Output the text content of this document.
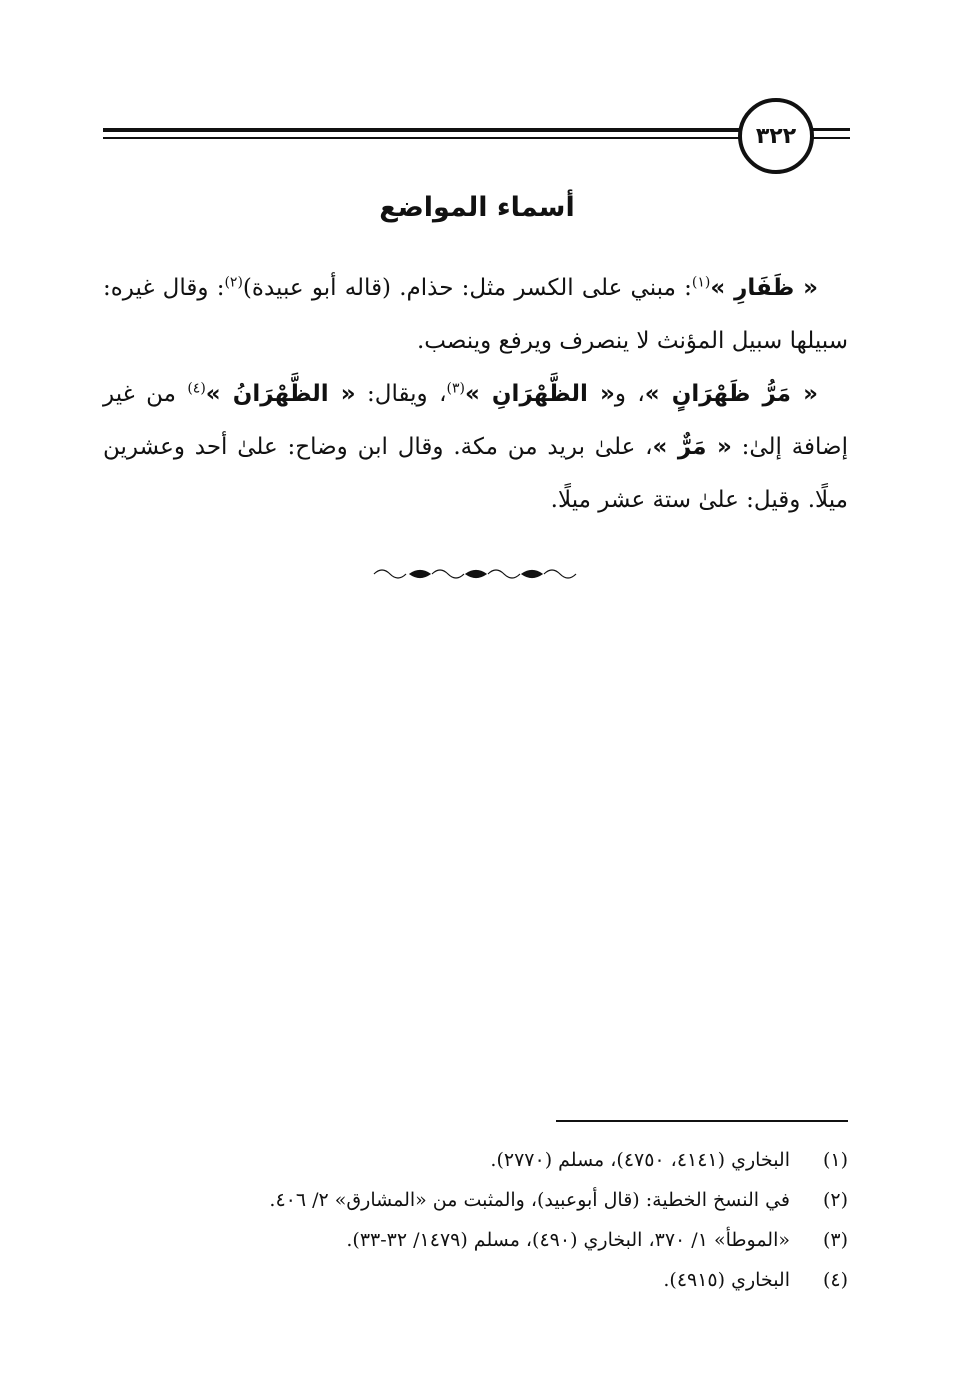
٣٢٢
أسماء المواضع

« ظَفَارِ »$^{(١)}$: مبني على الكسر مثل: حذام. (قاله أبو عبيدة)$^{(٢)}$: وقال غيره: سبيلها سبيل المؤنث لا ينصرف ويرفع وينصب.

« مَرُّ ظَهْرَانٍ »، و« الظَّهْرَانِ »$^{(٣)}$، ويقال: « الظَّهْرَانُ »$^{(٤)}$ من غير إضافة إلىٰ: « مَرٌّ »، علىٰ بريد من مكة. وقال ابن وضاح: علىٰ أحد وعشرين ميلًا. وقيل: علىٰ ستة عشر ميلًا.

(١)
البخاري (٤١٤١، ٤٧٥٠)، مسلم (٢٧٧٠).
(٢)
في النسخ الخطية: (قال أبوعبيد)، والمثبت من «المشارق» ٢/ ٤٠٦.
(٣)
«الموطأ» ١/ ٣٧٠، البخاري (٤٩٠)، مسلم (١٤٧٩/ ٣٢-٣٣).
(٤)
البخاري (٤٩١٥).
